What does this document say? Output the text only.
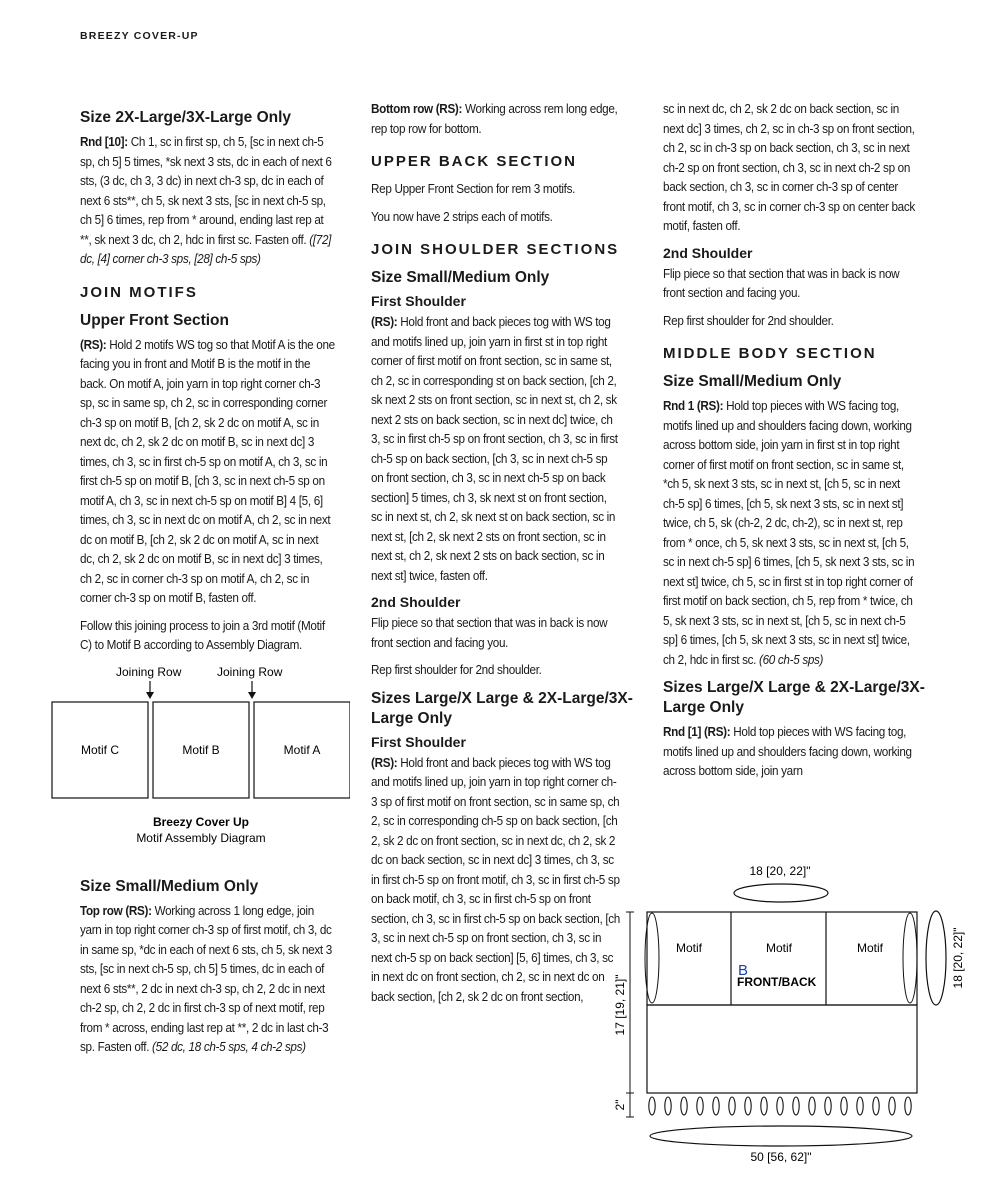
BREEZY COVER-UP
Size 2X-Large/3X-Large Only

Rnd [10]: Ch 1, sc in first sp, ch 5, [sc in next ch-5 sp, ch 5] 5 times, *sk next 3 sts, dc in each of next 6 sts, (3 dc, ch 3, 3 dc) in next ch-3 sp, dc in each of next 6 sts**, ch 5, sk next 3 sts, [sc in next ch-5 sp, ch 5] 6 times, rep from * around, ending last rep at **, sk next 3 dc, ch 2, hdc in first sc. Fasten off. ([72] dc, [4] corner ch-3 sps, [28] ch-5 sps)

JOIN MOTIFS
Upper Front Section

(RS): Hold 2 motifs WS tog so that Motif A is the one facing you in front and Motif B is the motif in the back. On motif A, join yarn in top right corner ch-3 sp, sc in same sp, ch 2, sc in corresponding corner ch-3 sp on motif B, [ch 2, sk 2 dc on motif A, sc in next dc, ch 2, sk 2 dc on motif B, sc in next dc] 3 times, ch 3, sc in first ch-5 sp on motif A, ch 3, sc in first ch-5 sp on motif B, [ch 3, sc in next ch-5 sp on motif A, ch 3, sc in next ch-5 sp on motif B] 4 [5, 6] times, ch 3, sc in next dc on motif A, ch 2, sc in next dc on motif B, [ch 2, sk 2 dc on motif A, sc in next dc, ch 2, sk 2 dc on motif B, sc in next dc] 3 times, ch 2, sc in corner ch-3 sp on motif A, ch 2, sc in corner ch-3 sp on motif B, fasten off.

Follow this joining process to join a 3rd motif (Motif C) to Motif B according to Assembly Diagram.

Joining Row	Joining Row
Motif C	Motif B	Motif A
Breezy Cover Up
Motif Assembly Diagram
Size Small/Medium Only

Top row (RS): Working across 1 long edge, join yarn in top right corner ch-3 sp of first motif, ch 3, dc in same sp, *dc in each of next 6 sts, ch 5, sk next 3 sts, [sc in next ch-5 sp, ch 5] 5 times, dc in each of next 6 sts**, 2 dc in next ch-3 sp, ch 2, 2 dc in next ch-2 sp, ch 2, 2 dc in first ch-3 sp of next motif, rep from * across, ending last rep at **, 2 dc in last ch-3 sp. Fasten off. (52 dc, 18 ch-5 sps, 4 ch-2 sps)

Bottom row (RS): Working across rem long edge, rep top row for bottom.

UPPER BACK SECTION

Rep Upper Front Section for rem 3 motifs.

You now have 2 strips each of motifs.

JOIN SHOULDER SECTIONS
Size Small/Medium Only
First Shoulder

(RS): Hold front and back pieces tog with WS tog and motifs lined up, join yarn in first st in top right corner of first motif on front section, sc in same st, ch 2, sc in corresponding st on back section, [ch 2, sk next 2 sts on front section, sc in next st, ch 2, sk next 2 sts on back section, sc in next dc] twice, ch 3, sc in first ch-5 sp on front section, ch 3, sc in first ch-5 sp on back section, [ch 3, sc in next ch-5 sp on front section, ch 3, sc in next ch-5 sp on back section] 5 times, ch 3, sk next st on front section, sc in next st, ch 2, sk next st on back section, sc in next st, [ch 2, sk next 2 sts on front section, sc in next st, ch 2, sk next 2 sts on back section, sc in next st] twice, fasten off.

2nd Shoulder

Flip piece so that section that was in back is now front section and facing you.

Rep first shoulder for 2nd shoulder.

Sizes Large/X Large & 2X-Large/3X-Large Only
First Shoulder

(RS): Hold front and back pieces tog with WS tog and motifs lined up, join yarn in top right corner ch-3 sp of first motif on front section, sc in same sp, ch 2, sc in corresponding ch-5 sp on back section, [ch 2, sk 2 dc on front section, sc in next dc, ch 2, sk 2 dc on back section, sc in next dc] 3 times, ch 3, sc in first ch-5 sp on front motif, ch 3, sc in first ch-5 sp on back motif, ch 3, sc in first ch-5 sp on front section, ch 3, sc in first ch-5 sp on back section, [ch 3, sc in next ch-5 sp on front section, ch 3, sc in next ch-5 sp on back section] [5, 6] times, ch 3, sc in next dc on front section, ch 2, sc in next dc on back section, [ch 2, sk 2 dc on front section,

sc in next dc, ch 2, sk 2 dc on back section, sc in next dc] 3 times, ch 2, sc in ch-3 sp on front section, ch 2, sc in ch-3 sp on back section, ch 3, sc in next ch-2 sp on front section, ch 3, sc in next ch-2 sp on back section, ch 3, sc in corner ch-3 sp of center front motif, ch 3, sc in corner ch-3 sp on center back motif, fasten off.

2nd Shoulder

Flip piece so that section that was in back is now front section and facing you.

Rep first shoulder for 2nd shoulder.

MIDDLE BODY SECTION
Size Small/Medium Only

Rnd 1 (RS): Hold top pieces with WS facing tog, motifs lined up and shoulders facing down, working across bottom side, join yarn in first st in top right corner of first motif on front section, sc in same st, *ch 5, sk next 3 sts, sc in next st, [ch 5, sc in next ch-5 sp] 6 times, [ch 5, sk next 3 sts, sc in next st] twice, ch 5, sk (ch-2, 2 dc, ch-2), sc in next st, rep from * once, ch 5, sk next 3 sts, sc in next st, [ch 5, sc in next ch-5 sp] 6 times, [ch 5, sk next 3 sts, sc in next st] twice, ch 5, sc in first st in top right corner of first motif on back section, ch 5, rep from * twice, ch 5, sk next 3 sts, sc in next st, [ch 5, sc in next ch-5 sp] 6 times, [ch 5, sk next 3 sts, sc in next st] twice, ch 2, hdc in first sc. (60 ch-5 sps)

Sizes Large/X Large & 2X-Large/3X-Large Only

Rnd [1] (RS): Hold top pieces with WS facing tog, motifs lined up and shoulders facing down, working across bottom side, join yarn

18 [20, 22]"
Motif	Motif	Motif
B
FRONT/BACK	18 [20, 22]"
17 [19, 21]"
2"
50 [56, 62]"
